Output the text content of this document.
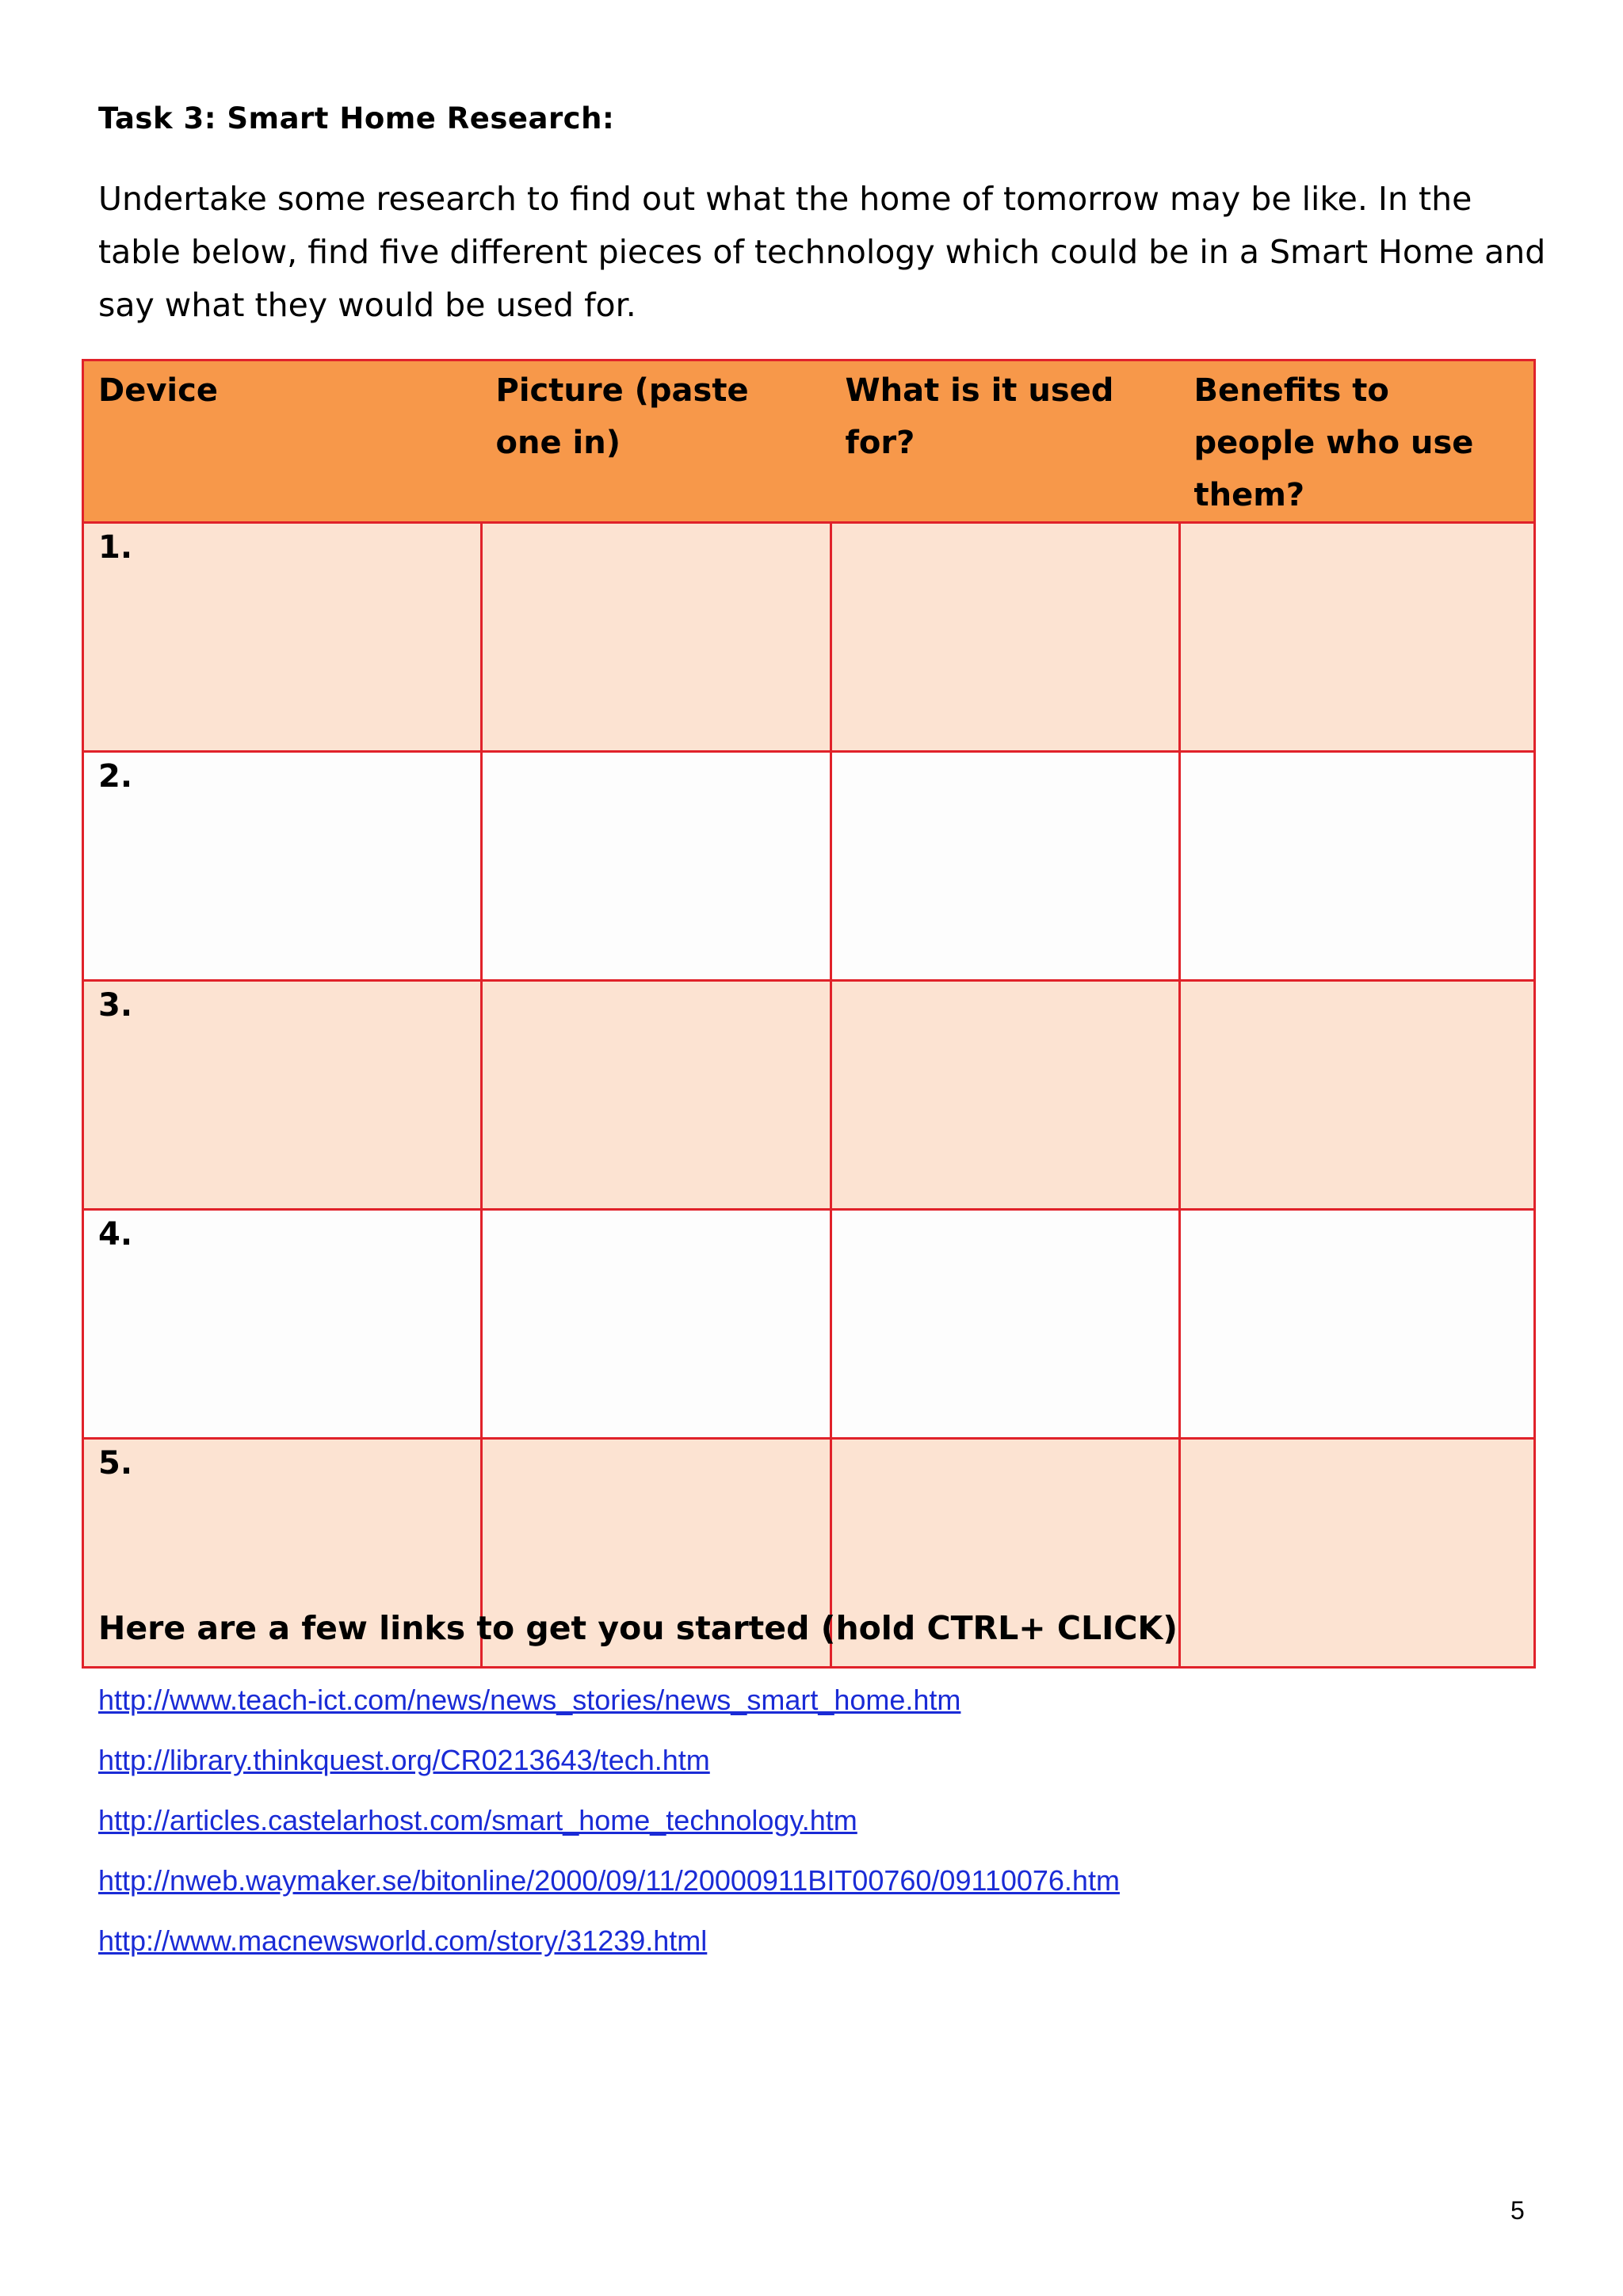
Task 3: Smart Home Research:
Undertake some research to find out what the home of tomorrow may be like. In the table below, find five different pieces of technology which could be in a Smart Home and say what they would be used for.
Device	Picture (paste one in)	What is it used for?	Benefits to people who use them?
1.			
2.			
3.			
4.			
5.			
Here are a few links to get you started (hold CTRL+ CLICK)
http://www.teach-ict.com/news/news_stories/news_smart_home.htm
http://library.thinkquest.org/CR0213643/tech.htm
http://articles.castelarhost.com/smart_home_technology.htm
http://nweb.waymaker.se/bitonline/2000/09/11/20000911BIT00760/09110076.htm
http://www.macnewsworld.com/story/31239.html
5
